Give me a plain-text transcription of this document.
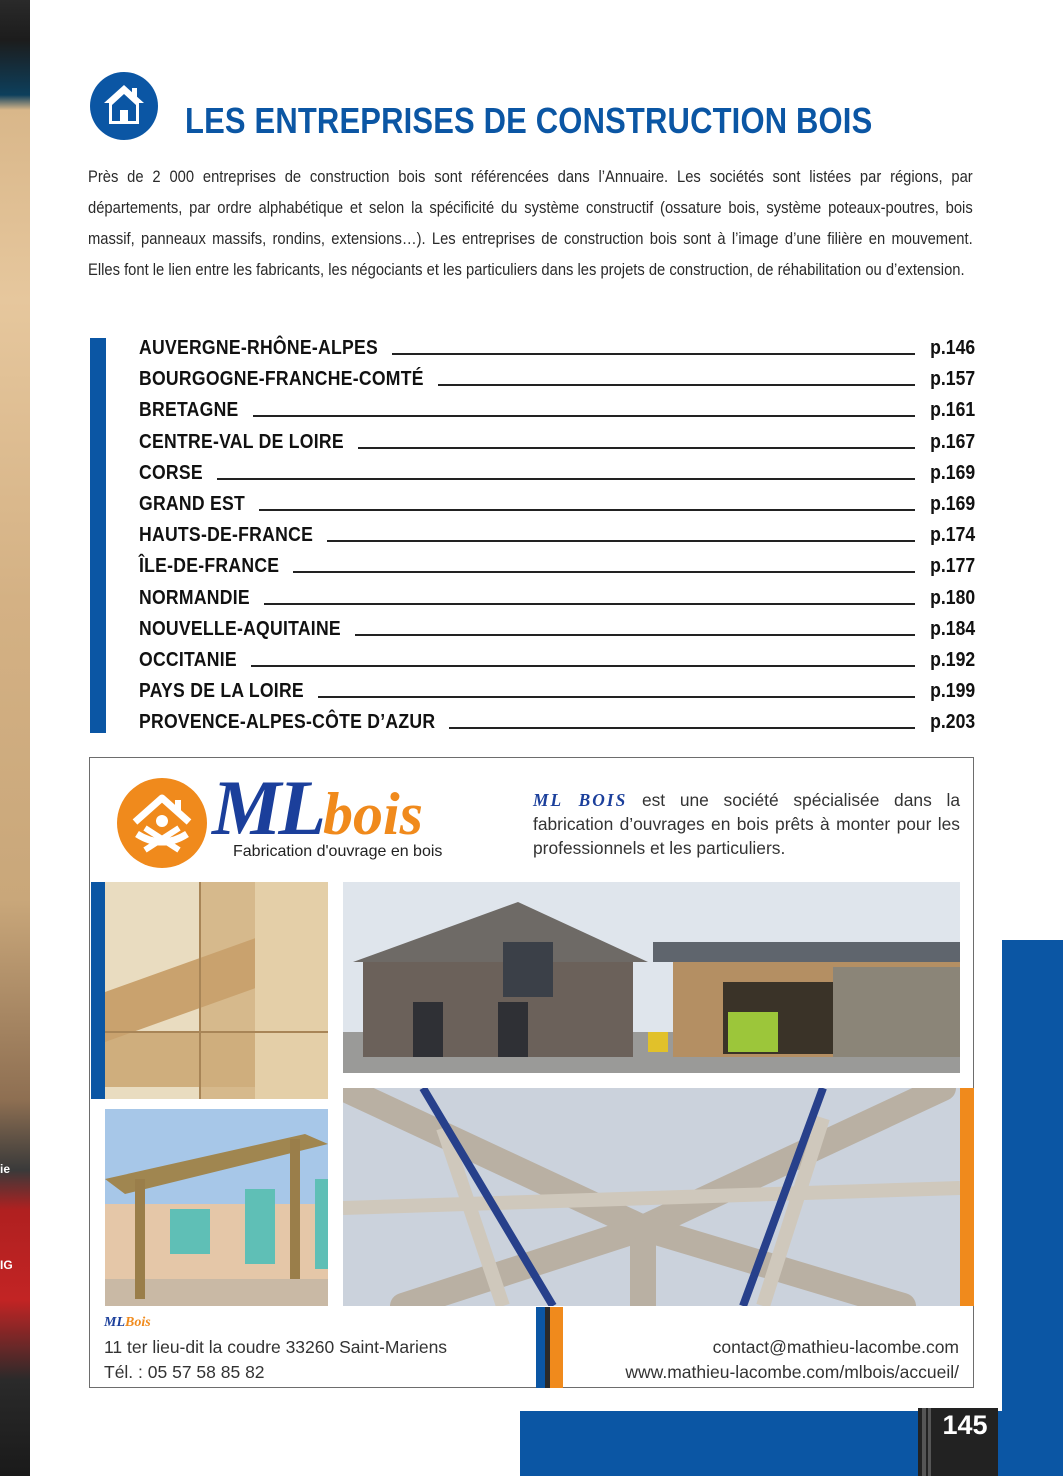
ie
IG
LES ENTREPRISES DE CONSTRUCTION BOIS

Près de 2 000 entreprises de construction bois sont référencées dans l’Annuaire. Les sociétés sont listées par régions, par départements, par ordre alphabétique et selon la spécificité du système constructif (ossature bois, système poteaux-poutres, bois massif, panneaux massifs, rondins, extensions…). Les entreprises de construction bois sont à l’image d’une filière en mouvement. Elles font le lien entre les fabricants, les négociants et les particuliers dans les projets de construction, de réhabilitation ou d’extension.

AUVERGNE-RHÔNE-ALPES	p.146
BOURGOGNE-FRANCHE-COMTÉ	p.157
BRETAGNE	p.161
CENTRE-VAL DE LOIRE	p.167
CORSE	p.169
GRAND EST	p.169
HAUTS-DE-FRANCE	p.174
ÎLE-DE-FRANCE	p.177
NORMANDIE	p.180
NOUVELLE-AQUITAINE	p.184
OCCITANIE	p.192
PAYS DE LA LOIRE	p.199
PROVENCE-ALPES-CÔTE D’AZUR	p.203
MLbois
Fabrication d'ouvrage en bois

ML BOIS est une société spécialisée dans la fabrication d’ouvrages en bois prêts à monter pour les professionnels et les particuliers.

MLBois
11 ter lieu-dit la coudre 33260 Saint-Mariens
Tél. : 05 57 58 85 82
contact@mathieu-lacombe.com
www.mathieu-lacombe.com/mlbois/accueil/
145
